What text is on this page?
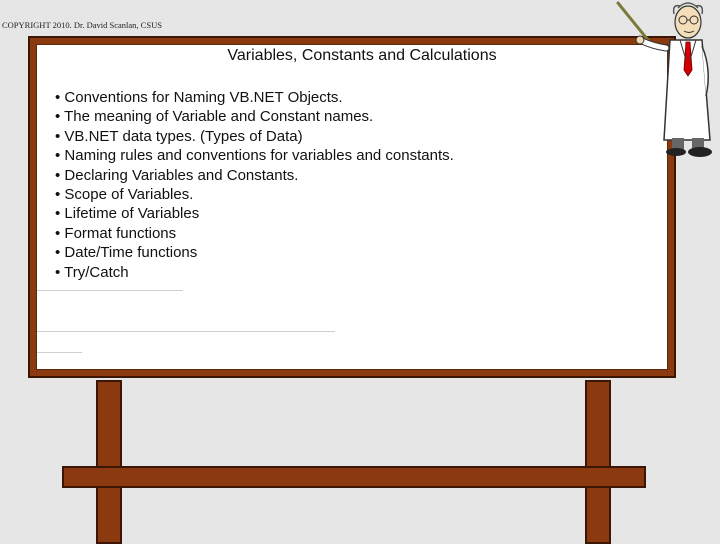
COPYRIGHT 2010. Dr. David Scanlan, CSUS
Variables, Constants and Calculations
• Conventions for Naming VB.NET Objects.
• The meaning of Variable and Constant names.
• VB.NET data types. (Types of Data)
• Naming rules and conventions for variables and constants.
• Declaring Variables and Constants.
• Scope of Variables.
• Lifetime of Variables
• Format functions
• Date/Time functions
• Try/Catch
